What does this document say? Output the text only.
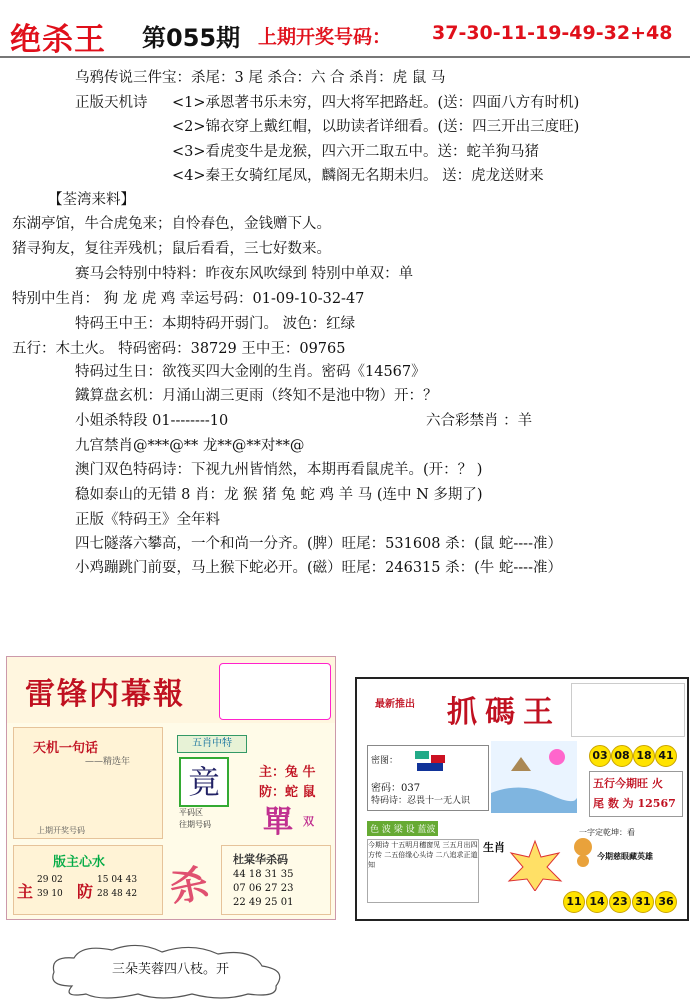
绝杀王 第055期 上期开奖号码： 37-30-11-19-49-32+48
乌鸦传说三件宝：杀尾：3 尾 杀合：六 合 杀肖：虎 鼠 马
正版天机诗 <1>承恩著书乐未穷，四大将军把路赶。(送：四面八方有时机)
<2>锦衣穿上戴红帽，以助读者详细看。(送：四三开出三度旺)
<3>看虎变牛是龙猴，四六开二取五中。送：蛇羊狗马猪
<4>秦王女骑红尾凤，麟阁无名期未归。 送：虎龙送财来
【荃湾来料】
东湖亭馆，牛合虎兔来；自怜春色，金钱赠下人。
猪寻狗友，复往弄残机；鼠后看看，三七好数来。
赛马会特别中特料：昨夜东风吹绿到 特别中单双：单
特别中生肖： 狗 龙 虎 鸡 幸运号码：01-09-10-32-47
特码王中王：本期特码开弱门。 波色：红绿
五行：木土火。 特码密码：38729 王中王：09765
特码过生日：欲筏买四大金刚的生肖。密码《14567》
鐵算盘玄机：月涌山湖三更雨（终知不是池中物）开：？
小姐杀特段 01--------10	六合彩禁肖 ：羊
九宫禁肖@***@** 龙**@**对**@
澳门双色特码诗：下视九州皆悄然，本期再看鼠虎羊。(开：？ )
稳如泰山的无错 8 肖：龙 猴 猪 兔 蛇 鸡 羊 马 (连中 N 多期了)
正版《特码王》全年料
四七隧落六攀高，一个和尚一分齐。(脾）旺尾：531608 杀：(鼠 蛇----准）
小鸡蹦跳门前耍，马上猴下蛇必开。(磁）旺尾：246315 杀：(牛 蛇----准）
雷锋内幕報
天机一句话
——精选年
上期开奖号码
五肖中特
竟
平码区
往期号码
主：兔 牛
防：蛇 鼠
單 双
版主心水
主	防
29 02
39 10
15 04 43
28 48 42 杀 杜棠华杀码
44 18 31 35
07 06 27 23
22 49 25 01
最新推出 抓碼王
密图：
密码：037
特码诗：忍畏十一无人识
03 08 18 41
五行今期旺 火
尾 数 为 12567
色 波 梁 设 蓝波
今期诗 十五明月穗窗见 三五月出四方传 二五倍缘心头诗 二八追求正道知
生肖
一字定乾坤：看
今期慈眼藏英雄
11 14 23 31 36
三朵芙蓉四八枝。开
